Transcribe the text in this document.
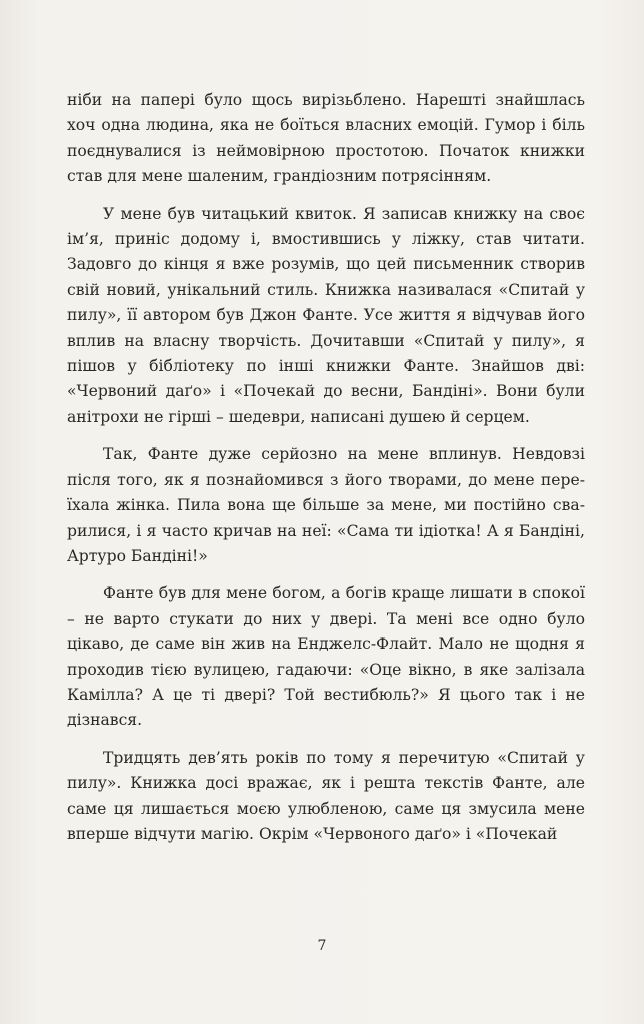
ніби на папері було щось вирізьблено. Нарешті знайшлась хоч одна людина, яка не боїться власних емоцій. Гумор і біль поєднувалися із неймовірною простотою. Початок книжки став для мене шаленим, грандіозним потрясінням.

У мене був читацький квиток. Я записав книжку на своє ім’я, приніс додому і, вмостившись у ліжку, став читати. Задовго до кінця я вже розумів, що цей письменник створив свій новий, унікальний стиль. Книжка називалася «Спитай у пилу», її автором був Джон Фанте. Усе життя я відчував його вплив на власну творчість. Дочитавши «Спитай у пилу», я пішов у бібліотеку по інші книжки Фанте. Знайшов дві: «Червоний даґо» і «Почекай до весни, Бандіні». Вони були анітрохи не гірші – шедеври, написані душею й серцем.

Так, Фанте дуже серйозно на мене вплинув. Невдовзі після того, як я познайомився з його творами, до мене переїхала жінка. Пила вона ще більше за мене, ми постійно сварилися, і я часто кричав на неї: «Сама ти ідіотка! А я Бандіні, Артуро Бандіні!»

Фанте був для мене богом, а богів краще лишати в спокої – не варто стукати до них у двері. Та мені все одно було цікаво, де саме він жив на Енджелс-Флайт. Мало не щодня я проходив тією вулицею, гадаючи: «Оце вікно, в яке залізала Камілла? А це ті двері? Той вестибюль?» Я цього так і не дізнався.

Тридцять дев’ять років по тому я перечитую «Спитай у пилу». Книжка досі вражає, як і решта текстів Фанте, але саме ця лишається моєю улюбленою, саме ця змусила мене вперше відчути магію. Окрім «Червоного даґо» і «Почекай

7
